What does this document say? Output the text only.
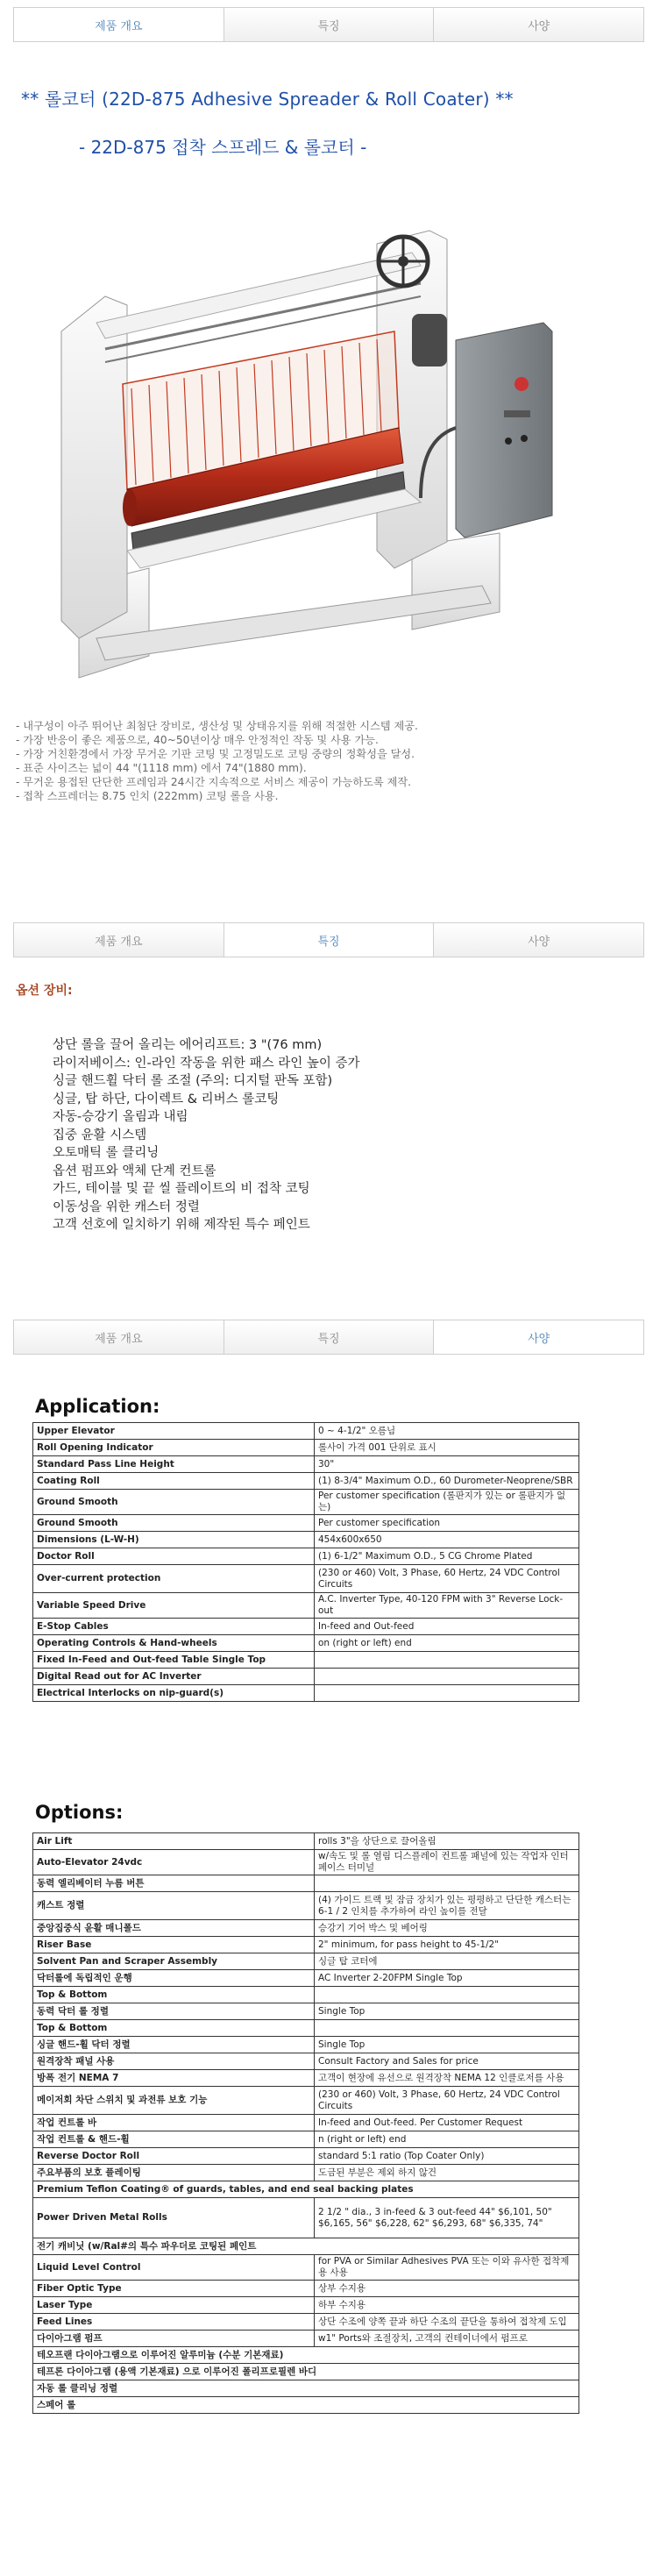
제품 개요	특징	사양
** 롤코터 (22D-875 Adhesive Spreader & Roll Coater) **
- 22D-875 접착 스프레드 & 롤코터 -
- 내구성이 아주 뛰어난 최첨단 장비로, 생산성 및 상태유지를 위해 적절한 시스템 제공.
- 가장 반응이 좋은 제품으로, 40~50년이상 매우 안정적인 작동 및 사용 가능.
- 가장 거친환경에서 가장 무거운 기판 코팅 및 고정밀도로 코팅 중량의 정확성을 달성.
- 표준 사이즈는 넓이 44 "(1118 mm) 에서 74"(1880 mm).
- 무거운 용접된 단단한 프레임과 24시간 지속적으로 서비스 제공이 가능하도록 제작.
- 접착 스프레더는 8.75 인치 (222mm) 코팅 롤을 사용.
제품 개요	특징	사양
옵션 장비:
상단 롤을 끌어 올리는 에어리프트: 3 "(76 mm)
라이저베이스: 인-라인 작동을 위한 패스 라인 높이 증가
싱글 핸드휠 닥터 롤 조절 (주의: 디지털 판독 포함)
싱글, 탑 하단, 다이렉트 & 리버스 롤코팅
자동-승강기 올림과 내림
집중 윤활 시스템
오토매틱 롤 클리닝
옵션 펌프와 액체 단계 컨트롤
가드, 테이블 및 끝 씰 플레이트의 비 접착 코팅
이동성을 위한 캐스터 정렬
고객 선호에 일치하기 위해 제작된 특수 페인트
제품 개요	특징	사양
Application:
Upper Elevator	0 ~ 4-1/2" 오름님
Roll Opening Indicator	롤사이 가격 001 단위로 표시
Standard Pass Line Height	30"
Coating Roll	(1) 8-3/4" Maximum O.D., 60 Durometer-Neoprene/SBR
Ground Smooth	Per customer specification (롤판지가 있는 or 롤판지가 없는)
Ground Smooth	Per customer specification
Dimensions (L-W-H)	454x600x650
Doctor Roll	(1) 6-1/2" Maximum O.D., 5 CG Chrome Plated
Over-current protection	(230 or 460) Volt, 3 Phase, 60 Hertz, 24 VDC Control Circuits
Variable Speed Drive	A.C. Inverter Type, 40-120 FPM with 3" Reverse Lock-out
E-Stop Cables	In-feed and Out-feed
Operating Controls & Hand-wheels	on (right or left) end
Fixed In-Feed and Out-feed Table Single Top	
Digital Read out for AC Inverter	
Electrical Interlocks on nip-guard(s)	
Options:
Air Lift	rolls 3"을 상단으로 끌어올림
Auto-Elevator 24vdc	w/속도 및 롤 열림 디스플레이 컨트롤 패널에 있는 작업자 인터페이스 터미널
동력 엘리베이터 누름 버튼	
캐스트 정렬	(4) 가이드 트랙 및 잠금 장치가 있는 평평하고 단단한 캐스터는 6-1 / 2 인치를 추가하여 라인 높이를 전달
중앙집중식 윤활 매니폴드	승강기 기어 박스 및 베어링
Riser Base	2" minimum, for pass height to 45-1/2"
Solvent Pan and Scraper Assembly	싱글 탑 코터에
닥터롤에 독립적인 운행	AC Inverter 2-20FPM Single Top
Top & Bottom	
동력 닥터 롤 정렬	Single Top
Top & Bottom	
싱글 핸드-휠 닥터 정렬	Single Top
원격장착 패널 사용	Consult Factory and Sales for price
방폭 전기 NEMA 7	고객이 현장에 유선으로 원격장착 NEMA 12 인클로저를 사용
메이저회 차단 스위치 및 과전류 보호 기능	(230 or 460) Volt, 3 Phase, 60 Hertz, 24 VDC Control Circuits
작업 컨트롤 바	In-feed and Out-feed. Per Customer Request
작업 컨트롤 & 핸드-휠	n (right or left) end
Reverse Doctor Roll	standard 5:1 ratio (Top Coater Only)
주요부품의 보호 플레이팅	도금된 부분은 제외 하지 않건
Premium Teflon Coating® of guards, tables, and end seal backing plates	
Power Driven Metal Rolls	2 1/2 " dia., 3 in-feed & 3 out-feed 44" $6,101, 50" $6,165, 56" $6,228, 62" $6,293, 68" $6,335, 74"
전기 캐비닛 (w/Ral#의 특수 파우더로 코팅된 페인트	
Liquid Level Control	for PVA or Similar Adhesives PVA 또는 이와 유사한 접착제용 사용
Fiber Optic Type	상부 수지용
Laser Type	하부 수지용
Feed Lines	상단 수조에 양쪽 끝과 하단 수조의 끝단을 통하여 접착제 도입
다이아그램 펌프	w1" Ports와 조절장치, 고객의 컨테이너에서 펌프로
테오프랜 다이아그램으로 이루어진 알루미늄 (수분 기본재료)	
테프론 다이아그램 (용액 기본재료) 으로 이루어진 폴리프로필렌 바디	
자동 롤 클리닝 정렬	
스페어 롤	
